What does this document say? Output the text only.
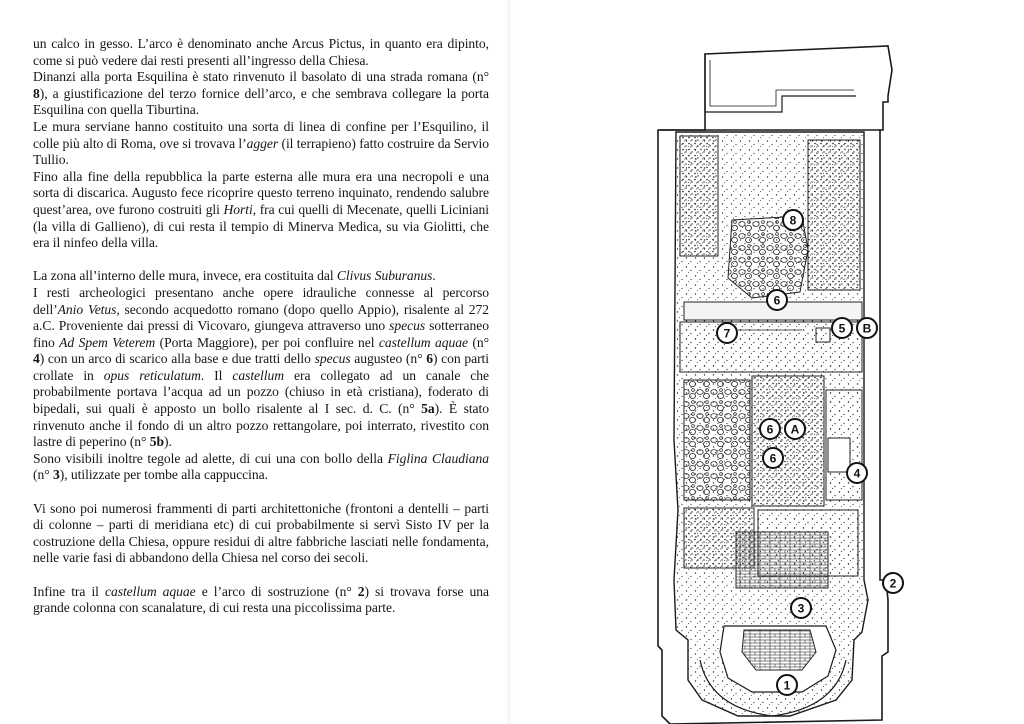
un calco in gesso. L’arco è denominato anche Arcus Pictus, in quanto era dipinto, come si può vedere dai resti presenti all’ingresso della Chiesa.

Dinanzi alla porta Esquilina è stato rinvenuto il basolato di una strada romana (n° 8), a giustificazione del terzo fornice dell’arco, e che sembrava collegare la porta Esquilina con quella Tiburtina.

Le mura serviane hanno costituito una sorta di linea di confine per l’Esquilino, il colle più alto di Roma, ove si trovava l’agger (il terrapieno) fatto costruire da Servio Tullio.

Fino alla fine della repubblica la parte esterna alle mura era una necropoli e una sorta di discarica. Augusto fece ricoprire questo terreno inquinato, rendendo salubre quest’area, ove furono costruiti gli Horti, fra cui quelli di Mecenate, quelli Liciniani (la villa di Gallieno), di cui resta il tempio di Minerva Medica, su via Giolitti, che era il ninfeo della villa.

La zona all’interno delle mura, invece, era costituita dal Clivus Suburanus.

I resti archeologici presentano anche opere idrauliche connesse al percorso dell’Anio Vetus, secondo acquedotto romano (dopo quello Appio), risalente al 272 a.C. Proveniente dai pressi di Vicovaro, giungeva attraverso uno specus sotterraneo fino Ad Spem Veterem (Porta Maggiore), per poi confluire nel castellum aquae (n° 4) con un arco di scarico alla base e due tratti dello specus augusteo (n° 6) con parti crollate in opus reticulatum. Il castellum era collegato ad un canale che probabilmente portava l’acqua ad un pozzo (chiuso in età cristiana), foderato di bipedali, sui quali è apposto un bollo risalente al I sec. d. C. (n° 5a). È stato rinvenuto anche il fondo di un altro pozzo rettangolare, poi interrato, rivestito con lastre di peperino (n° 5b).

Sono visibili inoltre tegole ad alette, di cui una con bollo della Figlina Claudiana (n° 3), utilizzate per tombe alla cappuccina.

Vi sono poi numerosi frammenti di parti architettoniche (frontoni a dentelli – parti di colonne – parti di meridiana etc) di cui probabilmente si servì Sisto IV per la costruzione della Chiesa, oppure residui di altre fabbriche lasciati nelle fondamenta, nelle varie fasi di abbandono della Chiesa nel corso dei secoli.

Infine tra il castellum aquae e l’arco di sostruzione (n° 2) si trovava forse una grande colonna con scanalature, di cui resta una piccolissima parte.

8
6
7	5 B
6 A
6
4
2
3
1
